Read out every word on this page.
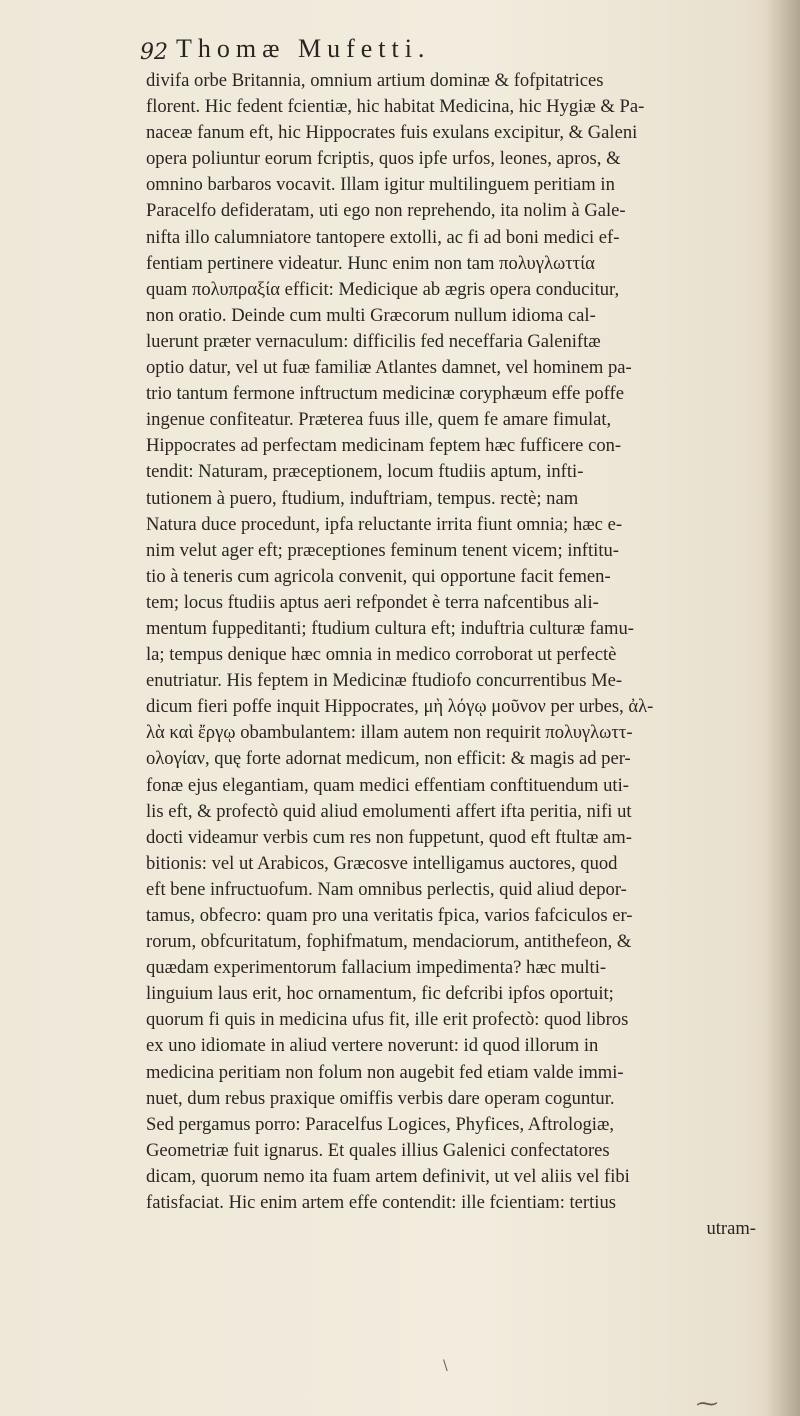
92 Thomæ Mufetti.
divifa orbe Britannia, omnium artium dominæ & fofpitatrices
florent. Hic fedent fcientiæ, hic habitat Medicina, hic Hygiæ & Pa-
naceæ fanum eft, hic Hippocrates fuis exulans excipitur, & Galeni
opera poliuntur eorum fcriptis, quos ipfe urfos, leones, apros, &
omnino barbaros vocavit. Illam igitur multilinguem peritiam in
Paracelfo defideratam, uti ego non reprehendo, ita nolim à Gale-
nifta illo calumniatore tantopere extolli, ac fi ad boni medici ef-
fentiam pertinere videatur. Hunc enim non tam πολυγλωττία
quam πολυπραξία efficit: Medicique ab ægris opera conducitur,
non oratio. Deinde cum multi Græcorum nullum idioma cal-
luerunt præter vernaculum: difficilis fed neceffaria Galeniftæ
optio datur, vel ut fuæ familiæ Atlantes damnet, vel hominem pa-
trio tantum fermone inftructum medicinæ coryphæum effe poffe
ingenue confiteatur. Præterea fuus ille, quem fe amare fimulat,
Hippocrates ad perfectam medicinam feptem hæc fufficere con-
tendit: Naturam, præceptionem, locum ftudiis aptum, infti-
tutionem à puero, ftudium, induftriam, tempus. rectè; nam
Natura duce procedunt, ipfa reluctante irrita fiunt omnia; hæc e-
nim velut ager eft; præceptiones feminum tenent vicem; inftitu-
tio à teneris cum agricola convenit, qui opportune facit femen-
tem; locus ftudiis aptus aeri refpondet è terra nafcentibus ali-
mentum fuppeditanti; ftudium cultura eft; induftria culturæ famu-
la; tempus denique hæc omnia in medico corroborat ut perfectè
enutriatur. His feptem in Medicinæ ftudiofo concurrentibus Me-
dicum fieri poffe inquit Hippocrates, μὴ λόγῳ μοῦνον per urbes, ἀλ-
λὰ καὶ ἔργῳ obambulantem: illam autem non requirit πολυγλωττ-
ολογίαν, quę forte adornat medicum, non efficit: & magis ad per-
fonæ ejus elegantiam, quam medici effentiam conftituendum uti-
lis eft, & profectò quid aliud emolumenti affert ifta peritia, nifi ut
docti videamur verbis cum res non fuppetunt, quod eft ftultæ am-
bitionis: vel ut Arabicos, Græcosve intelligamus auctores, quod
eft bene infructuofum. Nam omnibus perlectis, quid aliud depor-
tamus, obfecro: quam pro una veritatis fpica, varios fafciculos er-
rorum, obfcuritatum, fophifmatum, mendaciorum, antithefeon, &
quædam experimentorum fallacium impedimenta? hæc multi-
linguium laus erit, hoc ornamentum, fic defcribi ipfos oportuit;
quorum fi quis in medicina ufus fit, ille erit profectò: quod libros
ex uno idiomate in aliud vertere noverunt: id quod illorum in
medicina peritiam non folum non augebit fed etiam valde immi-
nuet, dum rebus praxique omiffis verbis dare operam coguntur.
Sed pergamus porro: Paracelfus Logices, Phyfices, Aftrologiæ,
Geometriæ fuit ignarus. Et quales illius Galenici confectatores
dicam, quorum nemo ita fuam artem definivit, ut vel aliis vel fibi
fatisfaciat. Hic enim artem effe contendit: ille fcientiam: tertius
utram-
\
⁓
